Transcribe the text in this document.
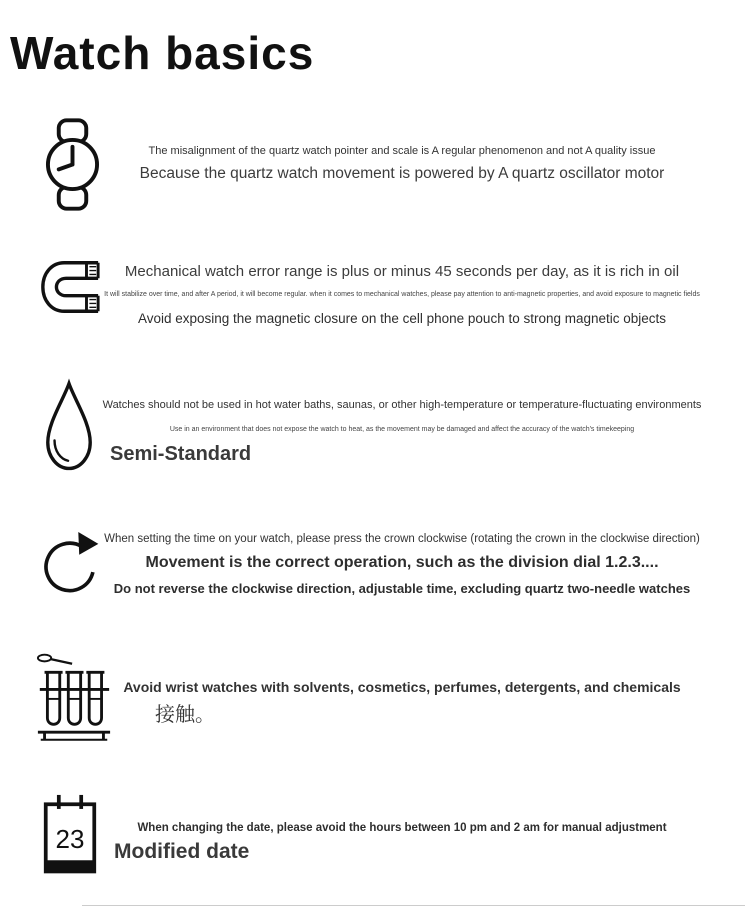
Watch basics

The misalignment of the quartz watch pointer and scale is A regular phenomenon and not A quality issue

Because the quartz watch movement is powered by A quartz oscillator motor

Mechanical watch error range is plus or minus 45 seconds per day, as it is rich in oil

It will stabilize over time, and after A period, it will become regular. when it comes to mechanical watches, please pay attention to anti-magnetic properties, and avoid exposure to magnetic fields

Avoid exposing the magnetic closure on the cell phone pouch to strong magnetic objects

Watches should not be used in hot water baths, saunas, or other high-temperature or temperature-fluctuating environments

Use in an environment that does not expose the watch to heat, as the movement may be damaged and affect the accuracy of the watch's timekeeping

Semi-Standard

When setting the time on your watch, please press the crown clockwise (rotating the crown in the clockwise direction)

Movement is the correct operation, such as the division dial 1.2.3....

Do not reverse the clockwise direction, adjustable time, excluding quartz two-needle watches

Avoid wrist watches with solvents, cosmetics, perfumes, detergents, and chemicals

接触。

23	When changing the date, please avoid the hours between 10 pm and 2 am for manual adjustment

Modified date
